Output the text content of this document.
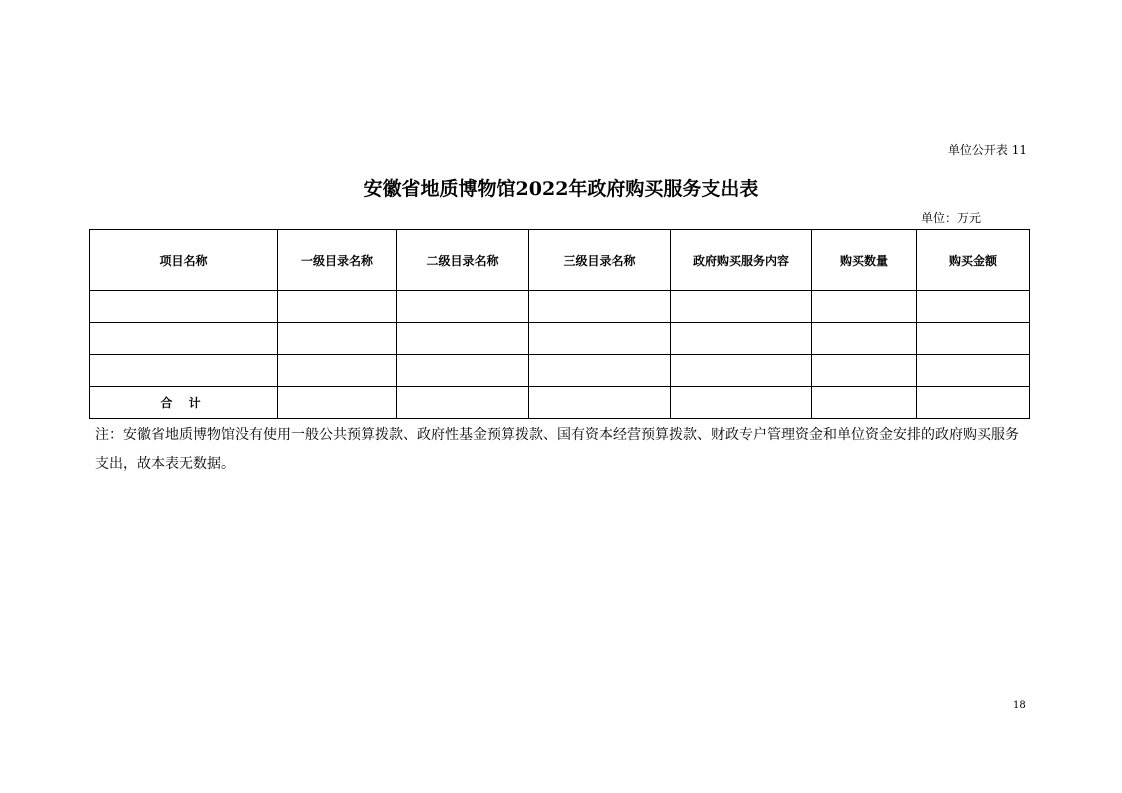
单位公开表 11
安徽省地质博物馆2022年政府购买服务支出表
单位：万元
项目名称	一级目录名称	二级目录名称	三级目录名称	政府购买服务内容	购买数量	购买金额

合 计						
注：安徽省地质博物馆没有使用一般公共预算拨款、政府性基金预算拨款、国有资本经营预算拨款、财政专户管理资金和单位资金安排的政府购买服务支出，故本表无数据。
18
